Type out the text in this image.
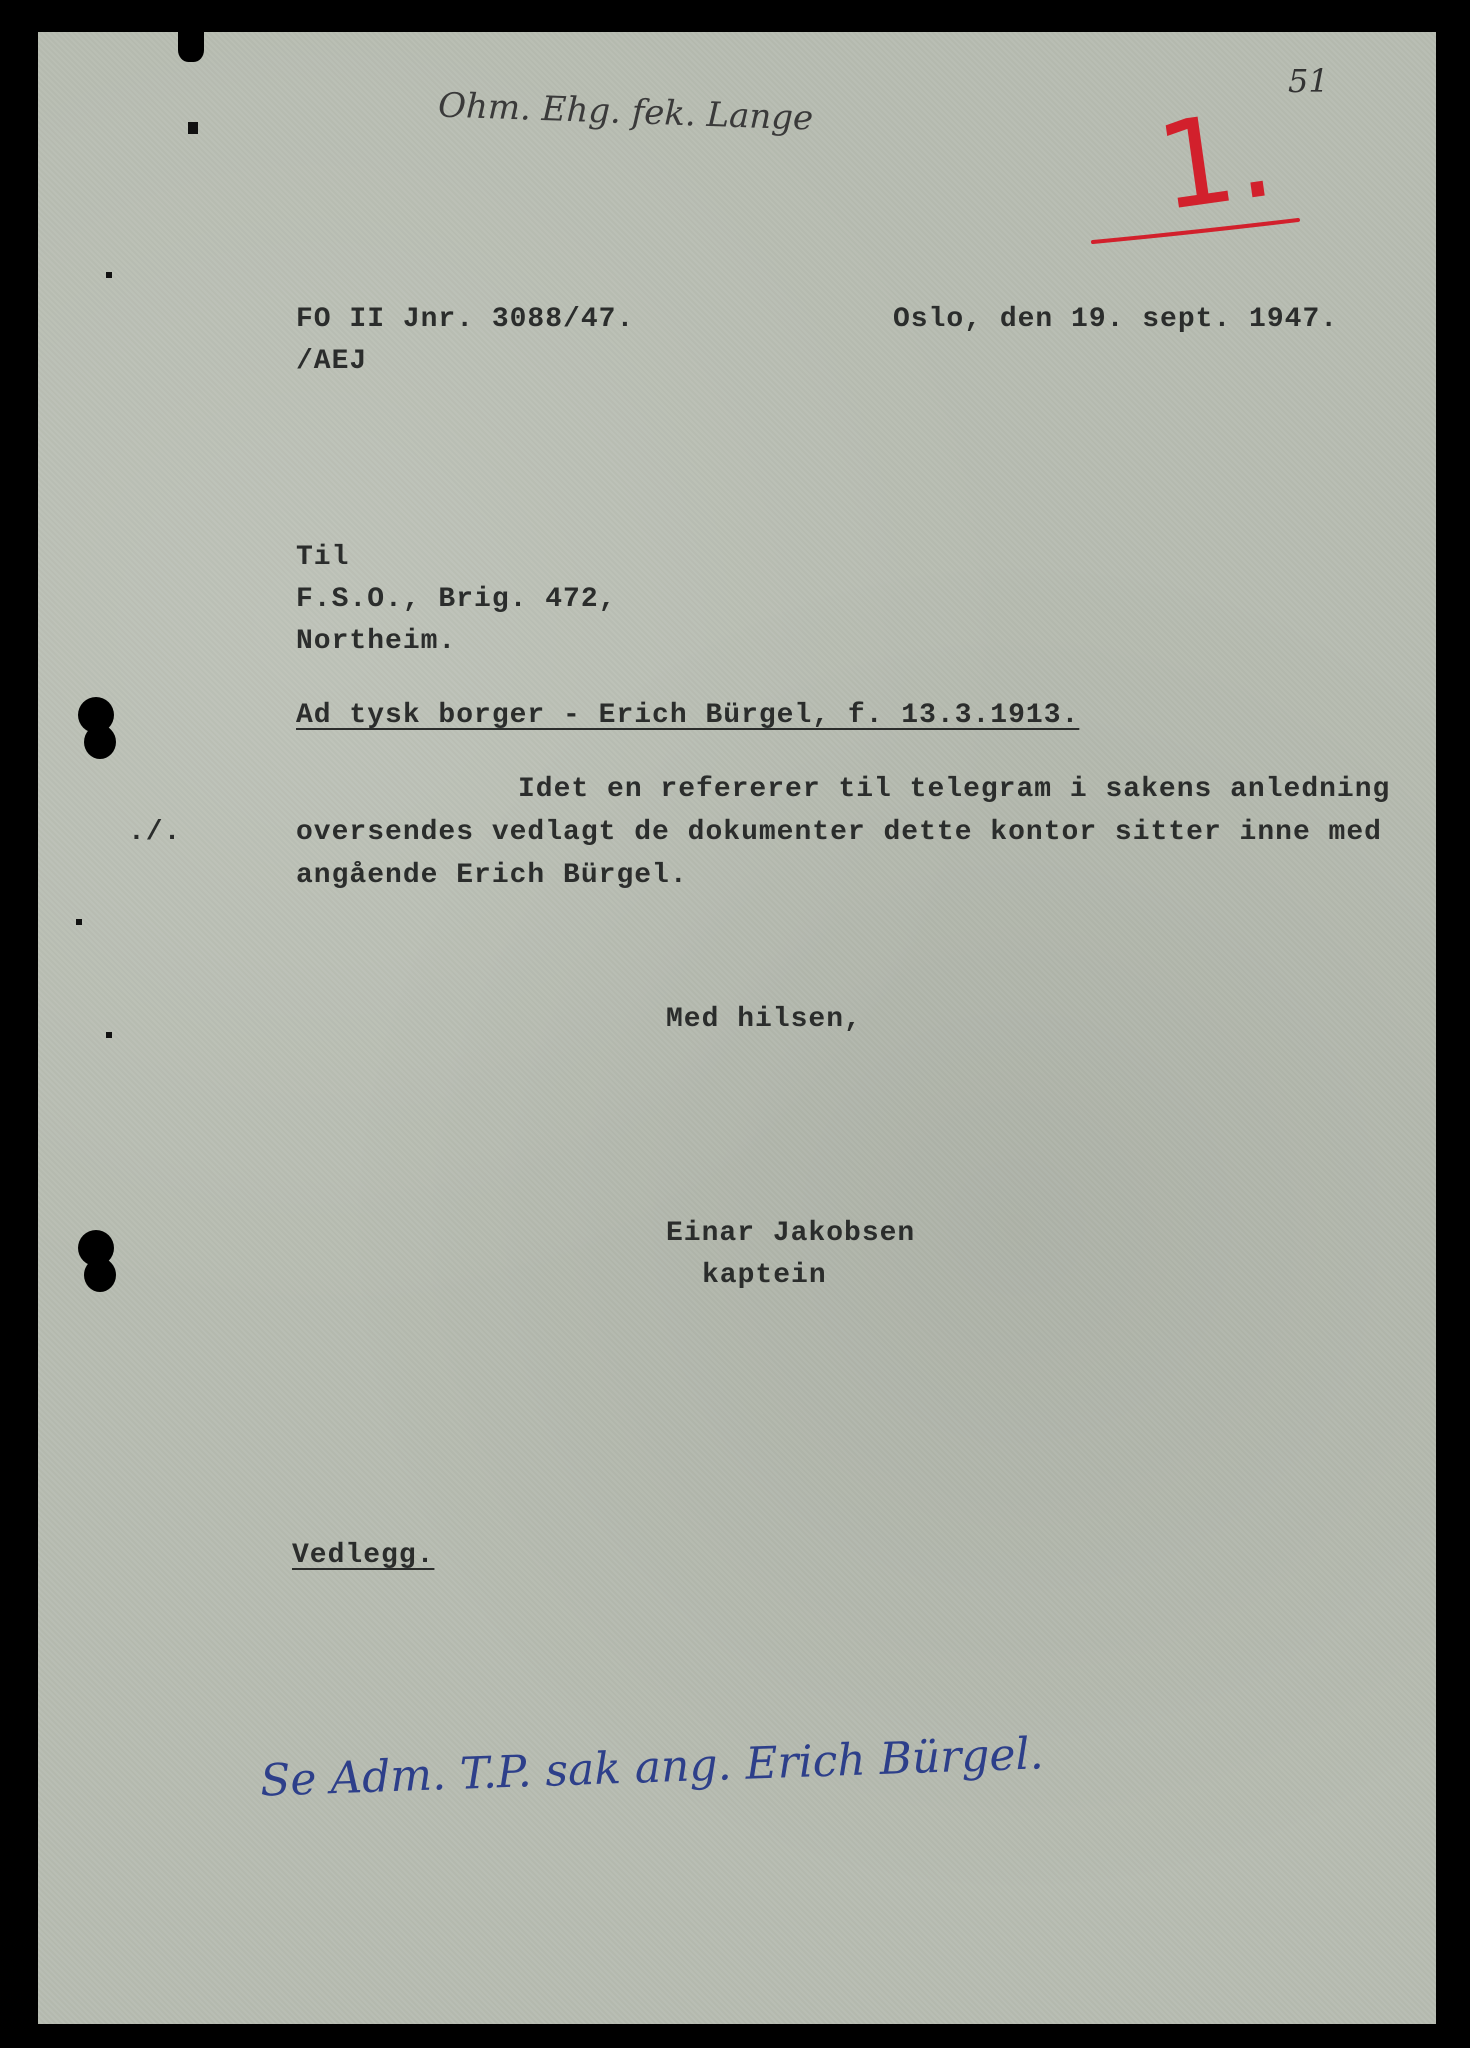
Ohm. Ehg. fek. Lange
51
1.
FO II Jnr. 3088/47.	Oslo, den 19. sept. 1947.
/AEJ
Til
F.S.O., Brig. 472,
Northeim.
Ad tysk borger - Erich Bürgel, f. 13.3.1913.
Idet en refererer til telegram i sakens anledning
./.	oversendes vedlagt de dokumenter dette kontor sitter inne med
angående Erich Bürgel.
Med hilsen,
Einar Jakobsen
kaptein
Vedlegg.
Se Adm. T.P. sak ang. Erich Bürgel.
